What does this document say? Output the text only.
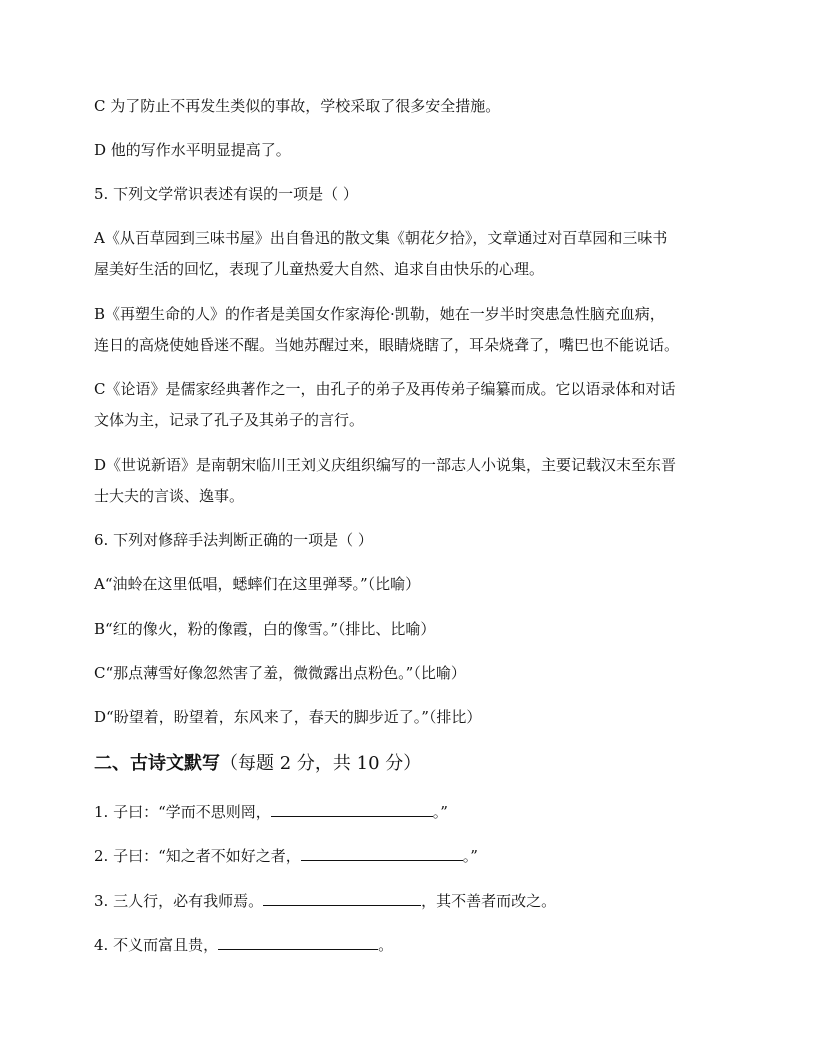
C 为了防止不再发生类似的事故，学校采取了很多安全措施。
D 他的写作水平明显提高了。
5. 下列文学常识表述有误的一项是（ ）
A《从百草园到三味书屋》出自鲁迅的散文集《朝花夕拾》，文章通过对百草园和三味书
屋美好生活的回忆，表现了儿童热爱大自然、追求自由快乐的心理。
B《再塑生命的人》的作者是美国女作家海伦·凯勒，她在一岁半时突患急性脑充血病，
连日的高烧使她昏迷不醒。当她苏醒过来，眼睛烧瞎了，耳朵烧聋了，嘴巴也不能说话。
C《论语》是儒家经典著作之一，由孔子的弟子及再传弟子编纂而成。它以语录体和对话
文体为主，记录了孔子及其弟子的言行。
D《世说新语》是南朝宋临川王刘义庆组织编写的一部志人小说集，主要记载汉末至东晋
士大夫的言谈、逸事。
6. 下列对修辞手法判断正确的一项是（ ）
A“油蛉在这里低唱，蟋蟀们在这里弹琴。”（比喻）
B“红的像火，粉的像霞，白的像雪。”（排比、比喻）
C“那点薄雪好像忽然害了羞，微微露出点粉色。”（比喻）
D“盼望着，盼望着，东风来了，春天的脚步近了。”（排比）
二、古诗文默写（每题 2 分，共 10 分）
1. 子曰：“学而不思则罔，	。”
2. 子曰：“知之者不如好之者，	。”
3. 三人行，必有我师焉。	，其不善者而改之。
4. 不义而富且贵，	。
